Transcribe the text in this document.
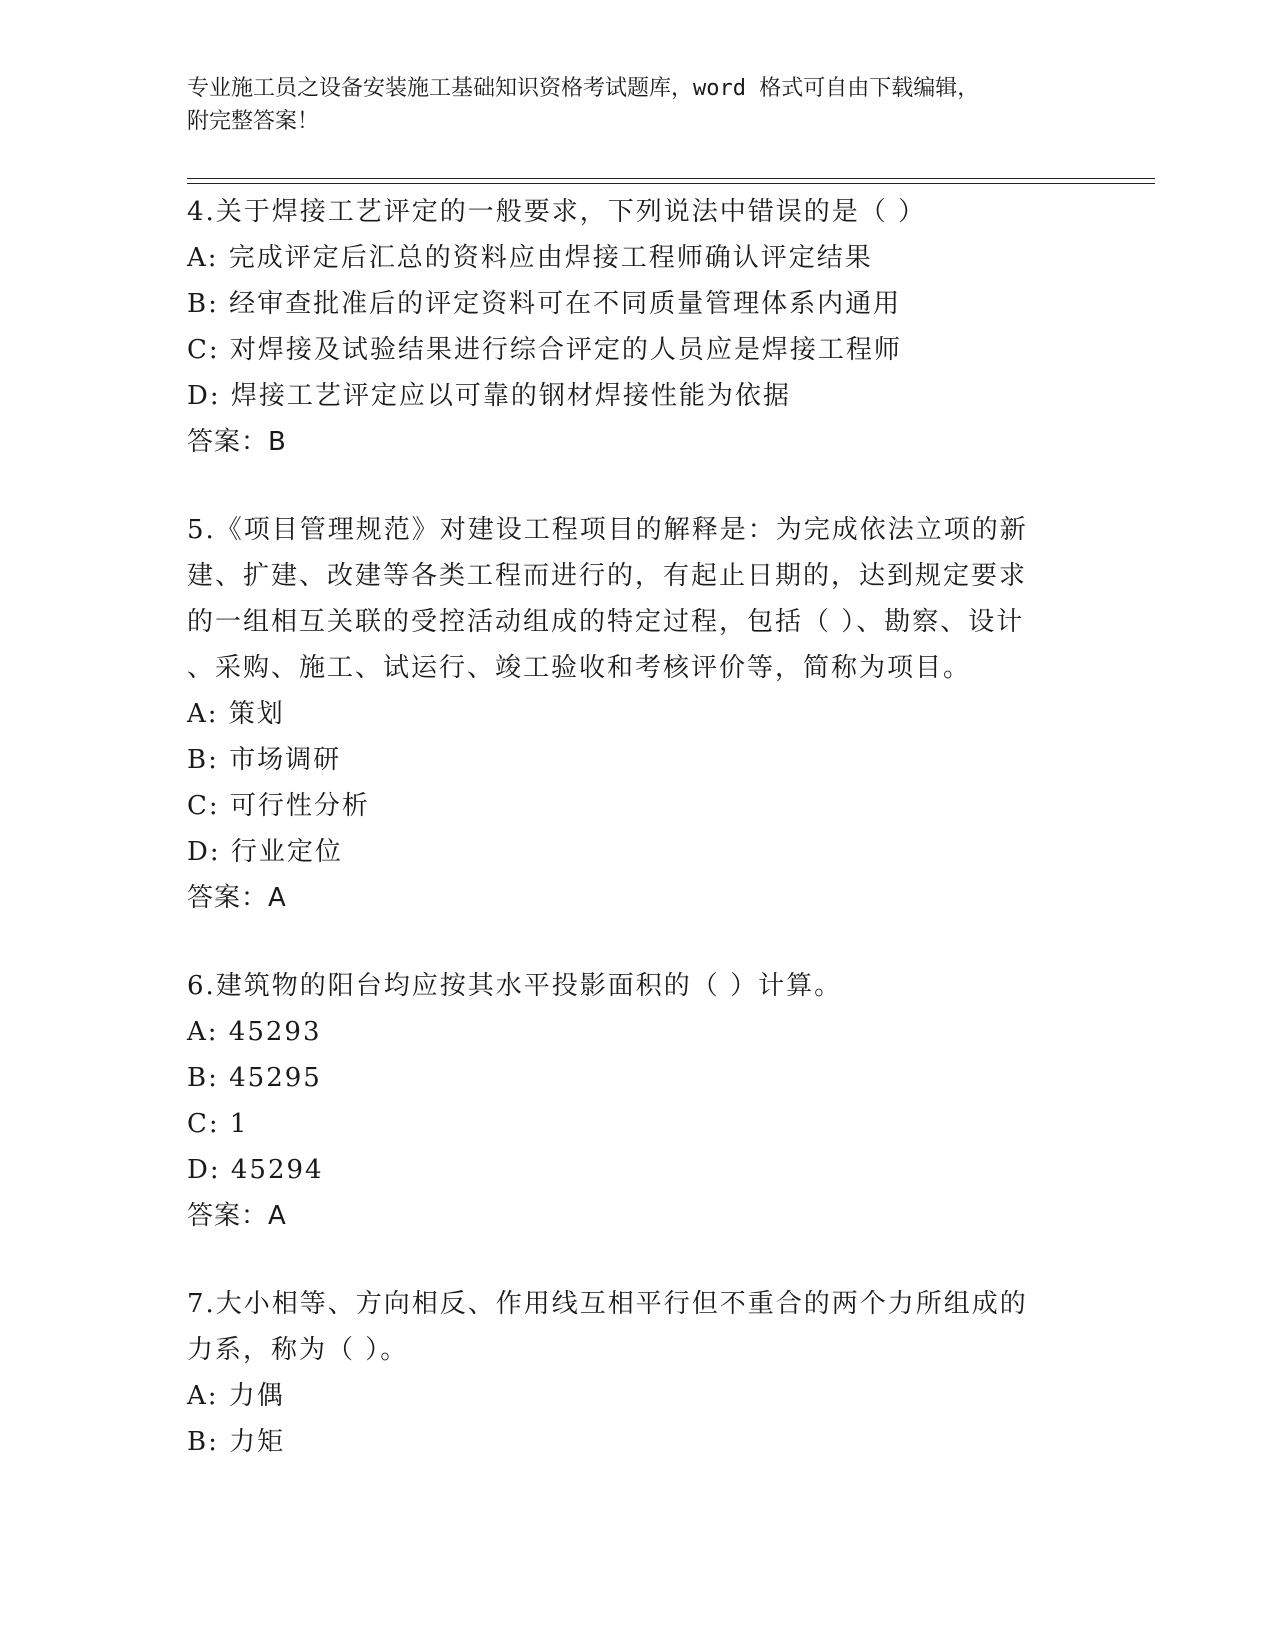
专业施工员之设备安装施工基础知识资格考试题库，word 格式可自由下载编辑，
附完整答案！
4.关于焊接工艺评定的一般要求，下列说法中错误的是（ ）
A: 完成评定后汇总的资料应由焊接工程师确认评定结果
B: 经审查批准后的评定资料可在不同质量管理体系内通用
C: 对焊接及试验结果进行综合评定的人员应是焊接工程师
D: 焊接工艺评定应以可靠的钢材焊接性能为依据
答案：B
5.《项目管理规范》对建设工程项目的解释是：为完成依法立项的新
建、扩建、改建等各类工程而进行的，有起止日期的，达到规定要求
的一组相互关联的受控活动组成的特定过程，包括（ ）、勘察、设计
、采购、施工、试运行、竣工验收和考核评价等，简称为项目。
A: 策划
B: 市场调研
C: 可行性分析
D: 行业定位
答案：A
6.建筑物的阳台均应按其水平投影面积的（ ）计算。
A: 45293
B: 45295
C: 1
D: 45294
答案：A
7.大小相等、方向相反、作用线互相平行但不重合的两个力所组成的
力系，称为（ ）。
A: 力偶
B: 力矩
